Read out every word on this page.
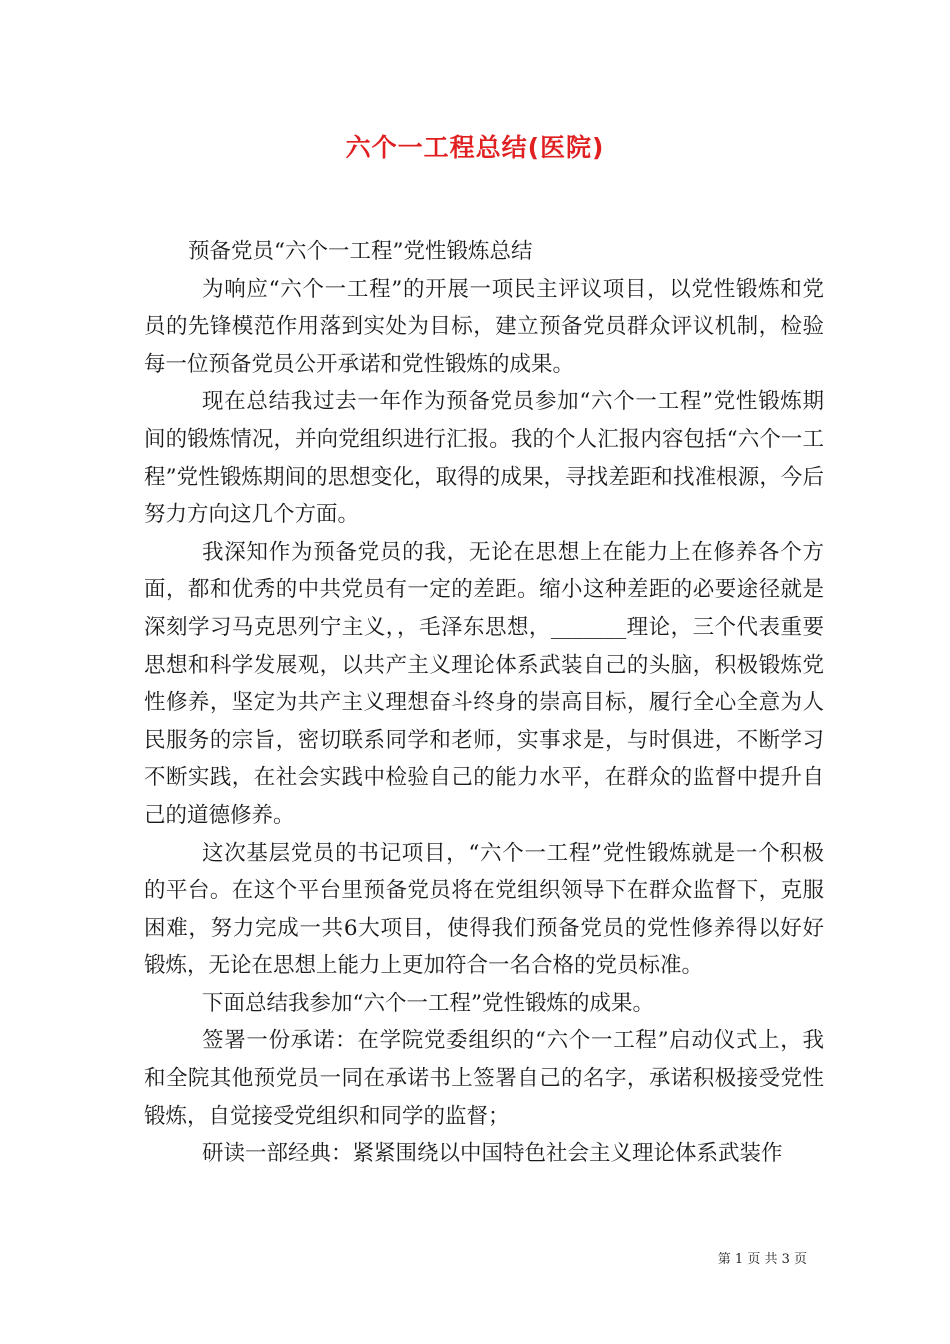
六个一工程总结(医院)

预备党员“六个一工程”党性锻炼总结

为响应“六个一工程”的开展一项民主评议项目，以党性锻炼和党员的先锋模范作用落到实处为目标，建立预备党员群众评议机制，检验每一位预备党员公开承诺和党性锻炼的成果。

现在总结我过去一年作为预备党员参加“六个一工程”党性锻炼期间的锻炼情况，并向党组织进行汇报。我的个人汇报内容包括“六个一工程”党性锻炼期间的思想变化，取得的成果，寻找差距和找准根源，今后努力方向这几个方面。

我深知作为预备党员的我，无论在思想上在能力上在修养各个方面，都和优秀的中共党员有一定的差距。缩小这种差距的必要途径就是深刻学习马克思列宁主义，，毛泽东思想，_______理论，三个代表重要思想和科学发展观，以共产主义理论体系武装自己的头脑，积极锻炼党性修养，坚定为共产主义理想奋斗终身的崇高目标，履行全心全意为人民服务的宗旨，密切联系同学和老师，实事求是，与时俱进，不断学习不断实践，在社会实践中检验自己的能力水平，在群众的监督中提升自己的道德修养。

这次基层党员的书记项目，“六个一工程”党性锻炼就是一个积极的平台。在这个平台里预备党员将在党组织领导下在群众监督下，克服困难，努力完成一共6大项目，使得我们预备党员的党性修养得以好好锻炼，无论在思想上能力上更加符合一名合格的党员标准。

下面总结我参加“六个一工程”党性锻炼的成果。

签署一份承诺：在学院党委组织的“六个一工程”启动仪式上，我和全院其他预党员一同在承诺书上签署自己的名字，承诺积极接受党性锻炼，自觉接受党组织和同学的监督；

研读一部经典：紧紧围绕以中国特色社会主义理论体系武装作

第 1 页 共 3 页
